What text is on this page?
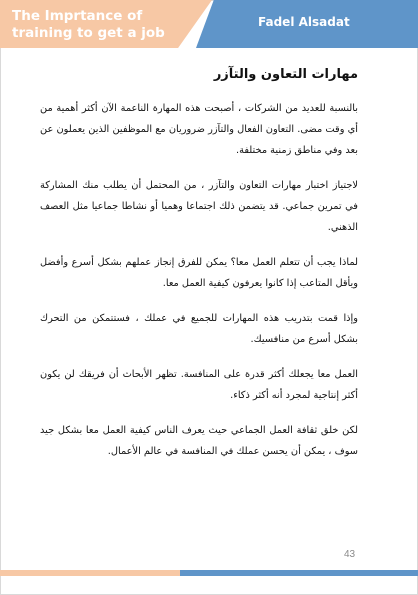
The Imprtance of training to get a job
Fadel Alsadat
مهارات التعاون والتآزر

بالنسبة للعديد من الشركات ، أصبحت هذه المهارة الناعمة الآن أكثر أهمية من أي وقت مضى. التعاون الفعال والتآزر ضروريان مع الموظفين الذين يعملون عن بعد وفي مناطق زمنية مختلفة.

لاجتياز اختبار مهارات التعاون والتآزر ، من المحتمل أن يطلب منك المشاركة في تمرين جماعي. قد يتضمن ذلك اجتماعا وهميا أو نشاطا جماعيا مثل العصف الذهني.

لماذا يجب أن تتعلم العمل معا؟ يمكن للفرق إنجاز عملهم بشكل أسرع وأفضل ويأقل المتاعب إذا كانوا يعرفون كيفية العمل معا.

وإذا قمت بتدريب هذه المهارات للجميع في عملك ، فستتمكن من التحرك بشكل أسرع من منافسيك.

العمل معا يجعلك أكثر قدرة على المنافسة. تظهر الأبحاث أن فريقك لن يكون أكثر إنتاجية لمجرد أنه أكثر ذكاء.

لكن خلق ثقافة العمل الجماعي حيث يعرف الناس كيفية العمل معا بشكل جيد سوف ، يمكن أن يحسن عملك في المنافسة في عالم الأعمال.

43
